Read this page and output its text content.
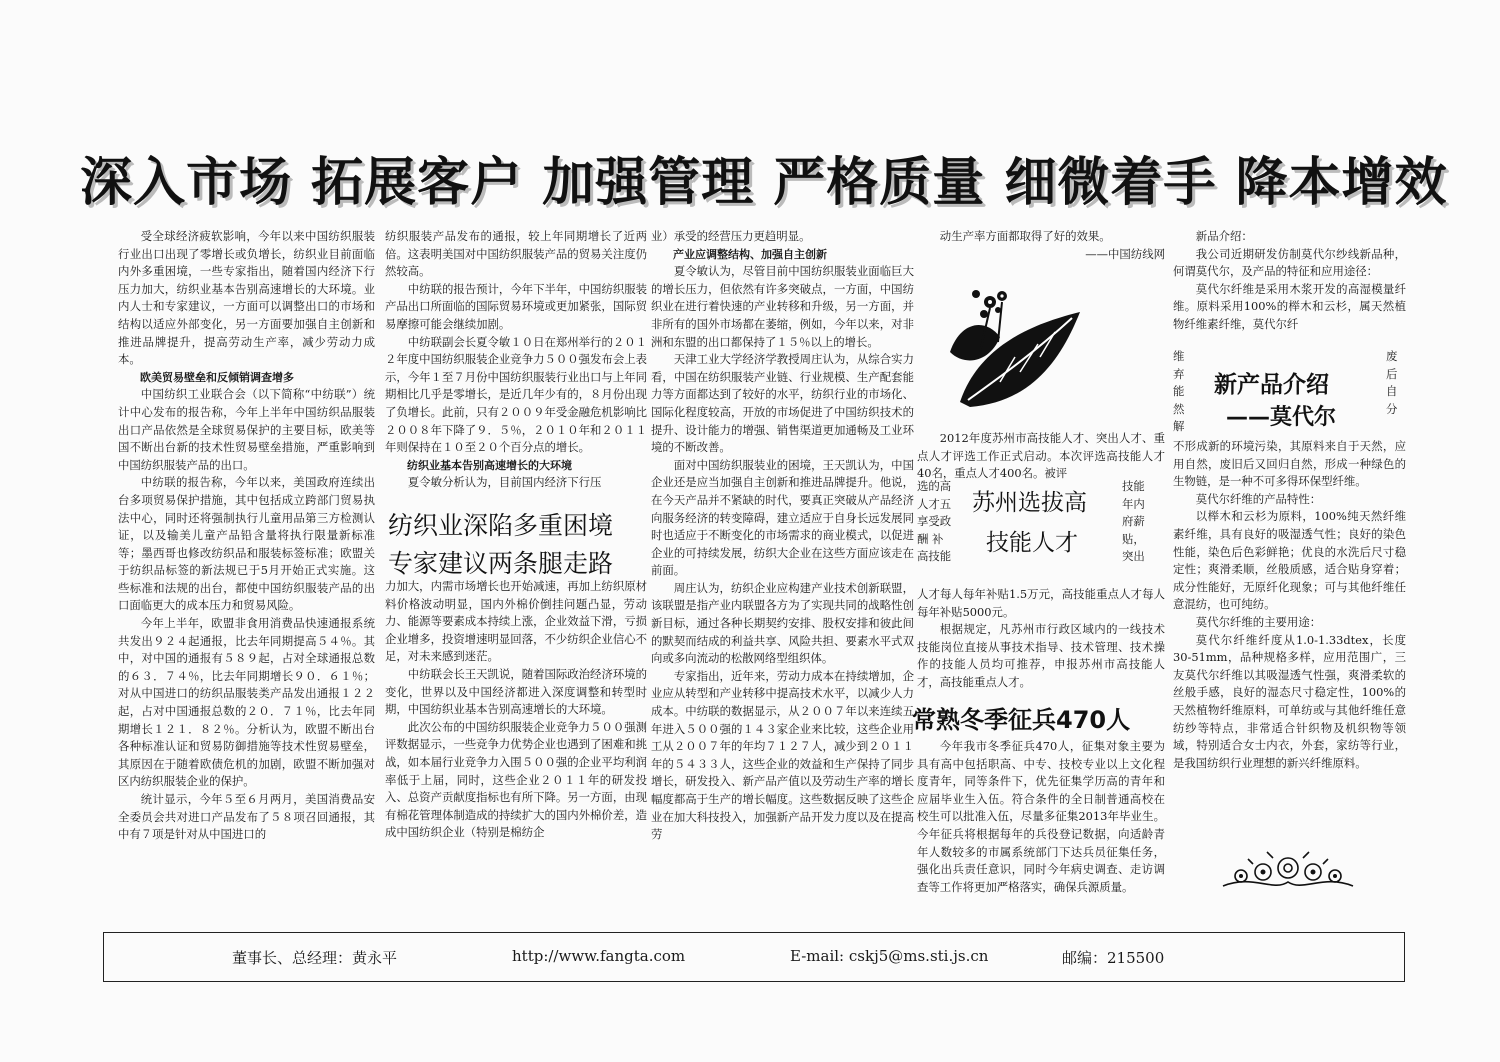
深入市场 拓展客户 加强管理 严格质量 细微着手 降本增效

受全球经济疲软影响，今年以来中国纺织服装行业出口出现了零增长或负增长，纺织业目前面临内外多重困境，一些专家指出，随着国内经济下行压力加大，纺织业基本告别高速增长的大环境。业内人士和专家建议，一方面可以调整出口的市场和结构以适应外部变化，另一方面要加强自主创新和推进品牌提升，提高劳动生产率，减少劳动力成本。

欧美贸易壁垒和反倾销调查增多

中国纺织工业联合会（以下简称“中纺联”）统计中心发布的报告称，今年上半年中国纺织品服装出口产品依然是全球贸易保护的主要目标，欧美等国不断出台新的技术性贸易壁垒措施，严重影响到中国纺织服装产品的出口。

中纺联的报告称，今年以来，美国政府连续出台多项贸易保护措施，其中包括成立跨部门贸易执法中心，同时还将强制执行儿童用品第三方检测认证，以及输美儿童产品铅含量将执行限量新标准等；墨西哥也修改纺织品和服装标签标准；欧盟关于纺织品标签的新法规已于5月开始正式实施。这些标准和法规的出台，都使中国纺织服装产品的出口面临更大的成本压力和贸易风险。

今年上半年，欧盟非食用消费品快速通报系统共发出９２４起通报，比去年同期提高５４％。其中，对中国的通报有５８９起，占对全球通报总数的６３．７４％，比去年同期增长９０．６１％；对从中国进口的纺织品服装类产品发出通报１２２起，占对中国通报总数的２０．７１％，比去年同期增长１２１．８２％。分析认为，欧盟不断出台各种标准认证和贸易防御措施等技术性贸易壁垒，其原因在于随着欧债危机的加剧，欧盟不断加强对区内纺织服装企业的保护。

统计显示，今年５至６月两月，美国消费品安全委员会共对进口产品发布了５８项召回通报，其中有７项是针对从中国进口的

纺织服装产品发布的通报，较上年同期增长了近两倍。这表明美国对中国纺织服装产品的贸易关注度仍然较高。

中纺联的报告预计，今年下半年，中国纺织服装产品出口所面临的国际贸易环境或更加紧张，国际贸易摩擦可能会继续加剧。

中纺联副会长夏令敏１０日在郑州举行的２０１２年度中国纺织服装企业竞争力５００强发布会上表示，今年１至７月份中国纺织服装行业出口与上年同期相比几乎是零增长，是近几年少有的，８月份出现了负增长。此前，只有２００９年受金融危机影响比２００８年下降了９．５％，２０１０年和２０１１年则保持在１０至２０个百分点的增长。

纺织业基本告别高速增长的大环境

夏令敏分析认为，目前国内经济下行压

纺织业深陷多重困境
专家建议两条腿走路

力加大，内需市场增长也开始减速，再加上纺织原材料价格波动明显，国内外棉价倒挂问题凸显，劳动力、能源等要素成本持续上涨，企业效益下滑，亏损企业增多，投资增速明显回落，不少纺织企业信心不足，对未来感到迷茫。

中纺联会长王天凯说，随着国际政治经济环境的变化，世界以及中国经济都进入深度调整和转型时期，中国纺织业基本告别高速增长的大环境。

此次公布的中国纺织服装企业竞争力５００强测评数据显示，一些竞争力优势企业也遇到了困难和挑战，如本届行业竞争力入围５００强的企业平均利润率低于上届，同时，这些企业２０１１年的研发投入、总资产贡献度指标也有所下降。另一方面，由现有棉花管理体制造成的持续扩大的国内外棉价差，造成中国纺织企业（特别是棉纺企

业）承受的经营压力更趋明显。

产业应调整结构、加强自主创新

夏令敏认为，尽管目前中国纺织服装业面临巨大的增长压力，但依然有许多突破点，一方面，中国纺织业在进行着快速的产业转移和升级，另一方面，并非所有的国外市场都在萎缩，例如，今年以来，对非洲和东盟的出口都保持了１５％以上的增长。

天津工业大学经济学教授周庄认为，从综合实力看，中国在纺织服装产业链、行业规模、生产配套能力等方面都达到了较好的水平，纺织行业的市场化、国际化程度较高，开放的市场促进了中国纺织技术的提升、设计能力的增强、销售渠道更加通畅及工业环境的不断改善。

面对中国纺织服装业的困境，王天凯认为，中国企业还是应当加强自主创新和推进品牌提升。他说，在今天产品并不紧缺的时代，要真正突破从产品经济向服务经济的转变障碍，建立适应于自身长远发展同时也适应于不断变化的市场需求的商业模式，以促进企业的可持续发展，纺织大企业在这些方面应该走在前面。

周庄认为，纺织企业应构建产业技术创新联盟，该联盟是指产业内联盟各方为了实现共同的战略性创新目标，通过各种长期契约安排、股权安排和彼此间的默契而结成的利益共享、风险共担、要素水平式双向或多向流动的松散网络型组织体。

专家指出，近年来，劳动力成本在持续增加，企业应从转型和产业转移中提高技术水平，以减少人力成本。中纺联的数据显示，从２００７年以来连续五年进入５００强的１４３家企业来比较，这些企业用工从２００７年的年均７１２７人，减少到２０１１年的５４３３人，这些企业的效益和生产保持了同步增长，研发投入、新产品产值以及劳动生产率的增长幅度都高于生产的增长幅度。这些数据反映了这些企业在加大科技投入，加强新产品开发力度以及在提高劳

动生产率方面都取得了好的效果。

——中国纺线网

2012年度苏州市高技能人才、突出人才、重点人才评选工作正式启动。本次评选高技能人才40名，重点人才400名。被评

选的高
人才五
享受政
酬 补
高技能
苏州选拔高
技能人才
技能
年内
府薪
贴，
突出

人才每人每年补贴1.5万元，高技能重点人才每人每年补贴5000元。

根据规定，凡苏州市行政区域内的一线技术技能岗位直接从事技术指导、技术管理、技术操作的技能人员均可推荐，申报苏州市高技能人才，高技能重点人才。

常熟冬季征兵470人

今年我市冬季征兵470人，征集对象主要为具有高中包括职高、中专、技校专业以上文化程度青年，同等条件下，优先征集学历高的青年和应届毕业生入伍。符合条件的全日制普通高校在校生可以批准入伍，尽量多征集2013年毕业生。今年征兵将根据每年的兵役登记数据，向适龄青年人数较多的市属系统部门下达兵员征集任务，强化出兵责任意识，同时今年病史调查、走访调查等工作将更加严格落实，确保兵源质量。

新品介绍：

我公司近期研发仿制莫代尔纱线新品种，何谓莫代尔，及产品的特征和应用途径：

莫代尔纤维是采用木浆开发的高湿模量纤维。原料采用100%的榉木和云杉，属天然植物纤维素纤维，莫代尔纤

维
弃
能
然
解
新产品介绍
——莫代尔
废
后
自
分

不形成新的环境污染，其原料来自于天然，应用自然，废旧后又回归自然，形成一种绿色的生物链，是一种不可多得环保型纤维。

莫代尔纤维的产品特性：

以榉木和云杉为原料，100%纯天然纤维素纤维，具有良好的吸湿透气性；良好的染色性能，染色后色彩鲜艳；优良的水洗后尺寸稳定性；爽滑柔顺，丝般质感，适合贴身穿着；成分性能好，无原纤化现象；可与其他纤维任意混纺，也可纯纺。

莫代尔纤维的主要用途：

莫代尔纤维纤度从1.0-1.33dtex，长度30-51mm，品种规格多样，应用范围广，三友莫代尔纤维以其吸湿透气性强，爽滑柔软的丝般手感，良好的湿态尺寸稳定性，100%的天然植物纤维原料，可单纺或与其他纤维任意纺纱等特点，非常适合针织物及机织物等领域，特别适合女士内衣，外套，家纺等行业，是我国纺织行业理想的新兴纤维原料。

董事长、总经理：黄永平	http://www.fangta.com	E-mail: cskj5@ms.sti.js.cn	邮编：215500
